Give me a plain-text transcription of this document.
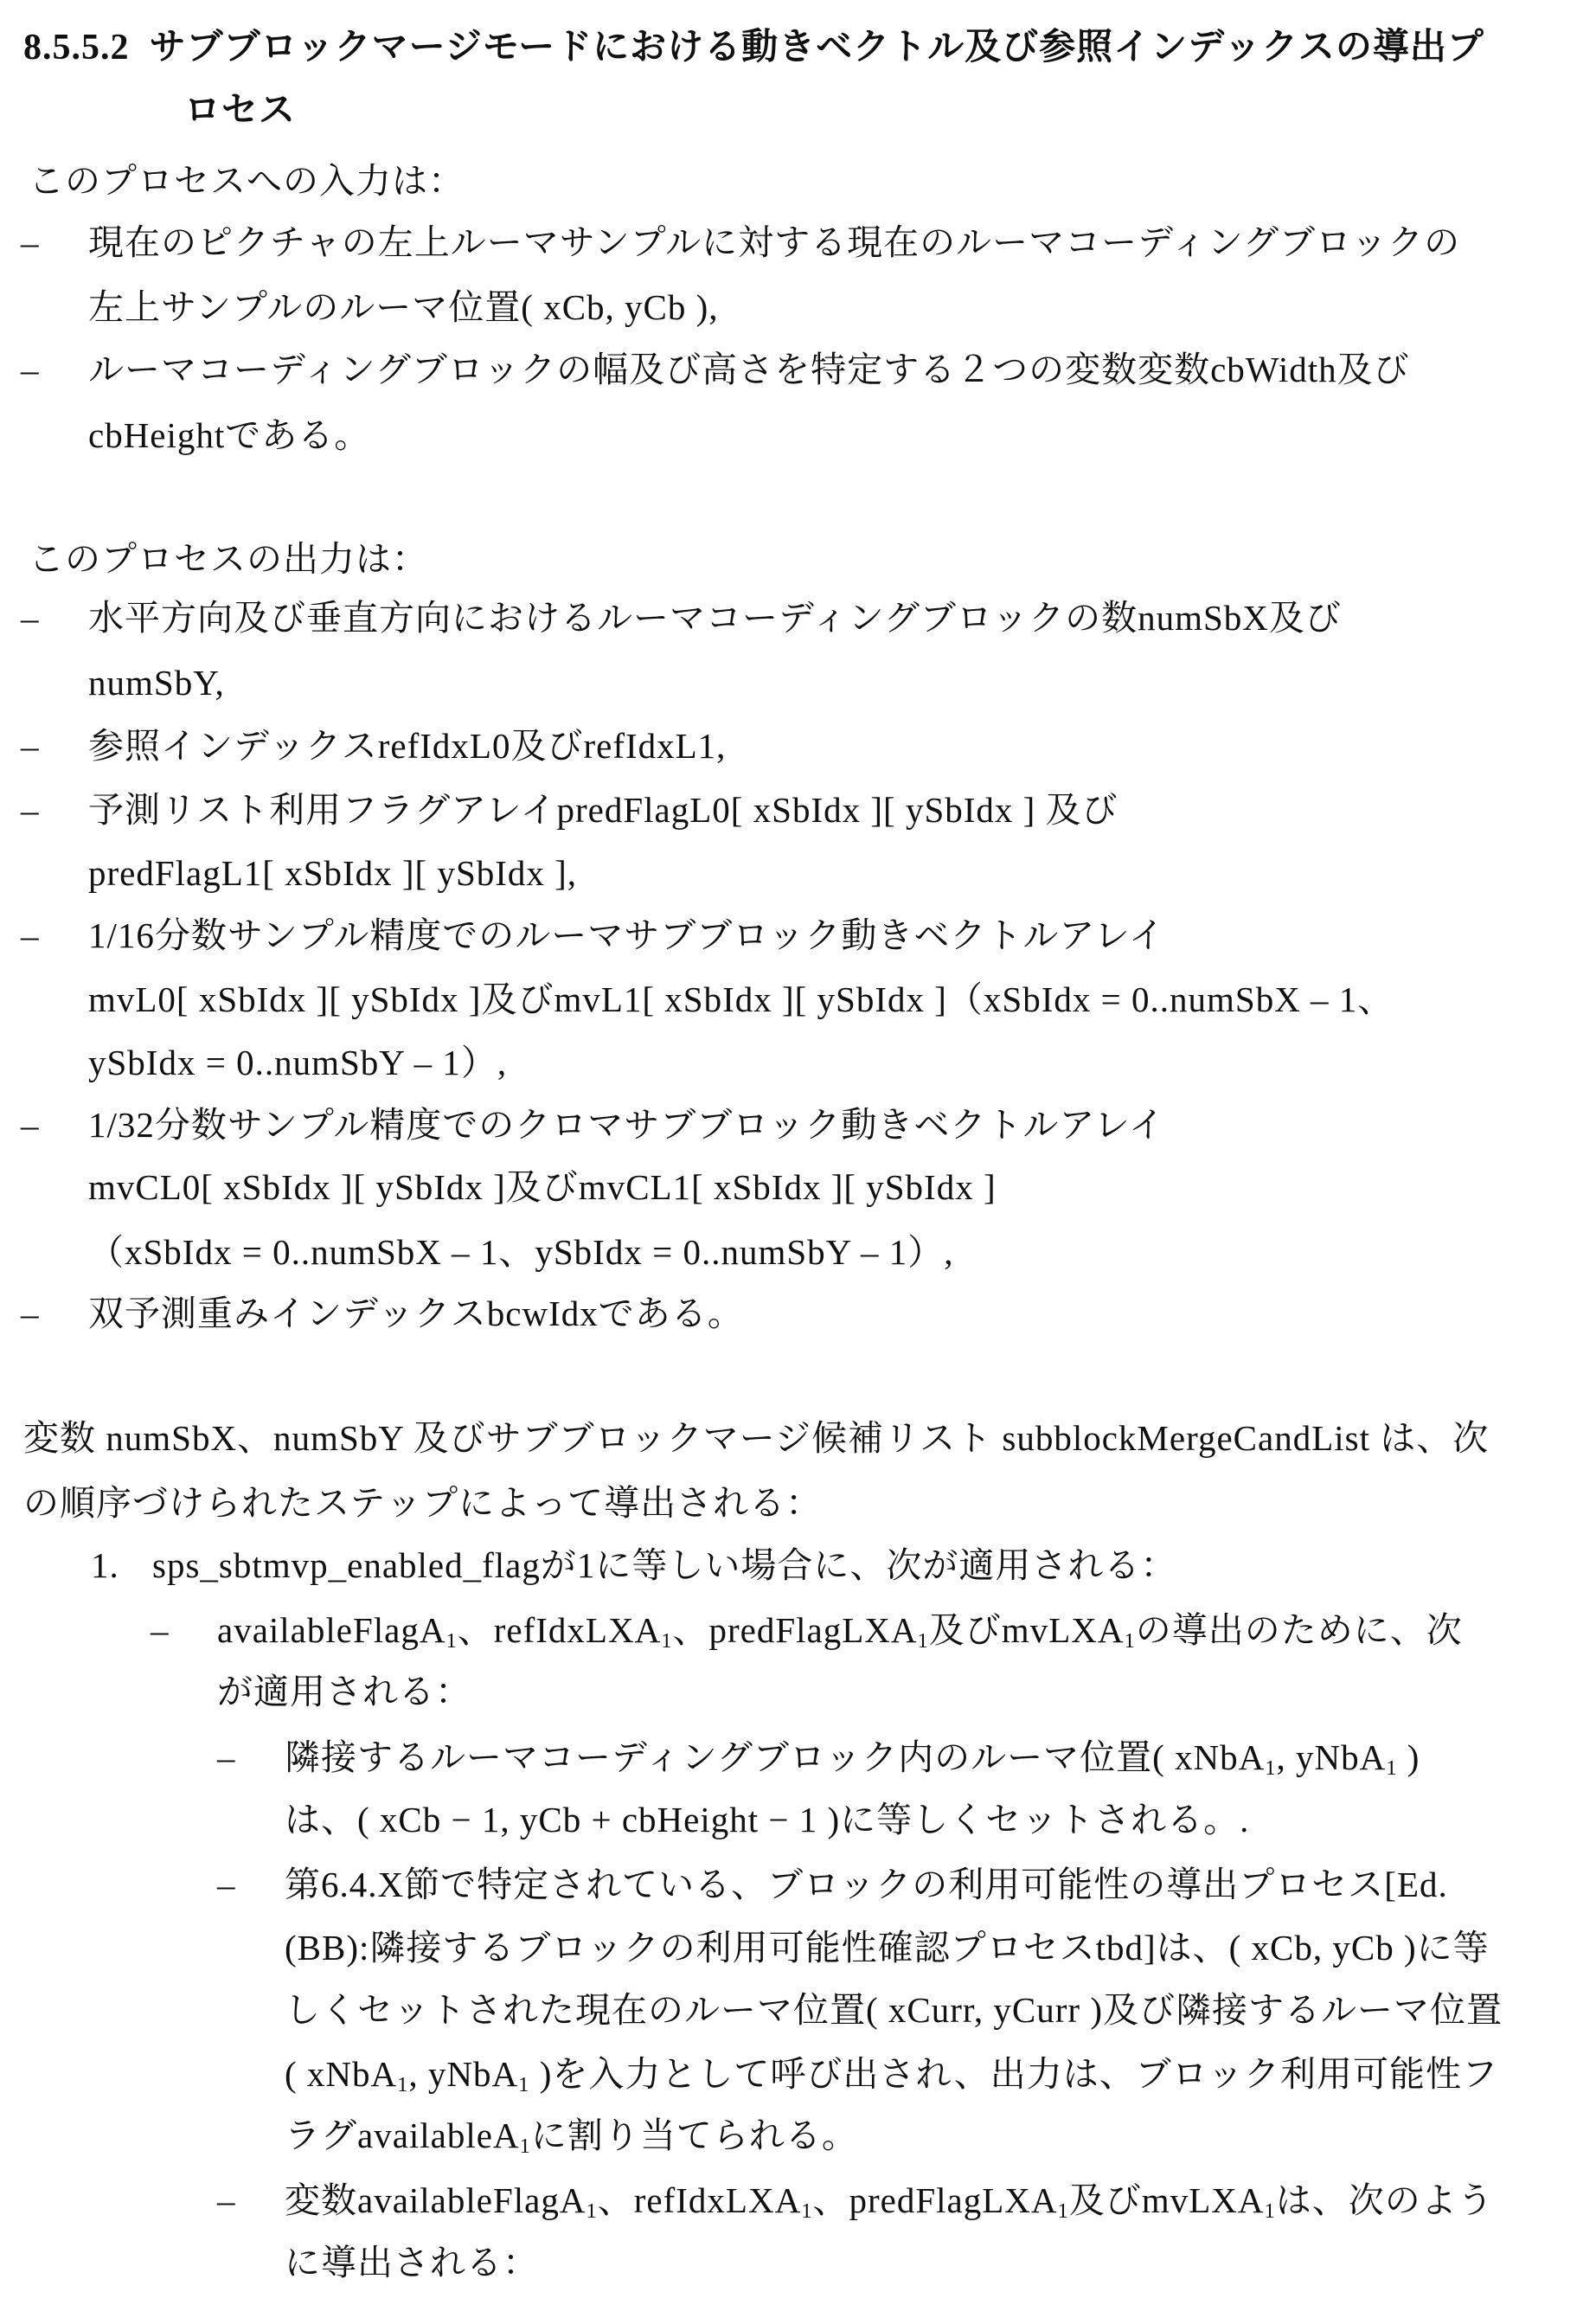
8.5.5.2 サブブロックマージモードにおける動きベクトル及び参照インデックスの導出プ
ロセス
このプロセスへの入力は：
– 現在のピクチャの左上ルーマサンプルに対する現在のルーマコーディングブロックの
左上サンプルのルーマ位置( xCb, yCb ),
– ルーマコーディングブロックの幅及び高さを特定する２つの変数変数cbWidth及び
cbHeightである。
このプロセスの出力は：
– 水平方向及び垂直方向におけるルーマコーディングブロックの数numSbX及び
numSbY,
– 参照インデックスrefIdxL0及びrefIdxL1,
– 予測リスト利用フラグアレイpredFlagL0[ xSbIdx ][ ySbIdx ] 及び
predFlagL1[ xSbIdx ][ ySbIdx ],
– 1/16分数サンプル精度でのルーマサブブロック動きベクトルアレイ
mvL0[ xSbIdx ][ ySbIdx ]及びmvL1[ xSbIdx ][ ySbIdx ]（xSbIdx = 0..numSbX – 1、
ySbIdx = 0..numSbY – 1）,
– 1/32分数サンプル精度でのクロマサブブロック動きベクトルアレイ
mvCL0[ xSbIdx ][ ySbIdx ]及びmvCL1[ xSbIdx ][ ySbIdx ]
（xSbIdx = 0..numSbX – 1、ySbIdx = 0..numSbY – 1）,
– 双予測重みインデックスbcwIdxである。
変数 numSbX、numSbY 及びサブブロックマージ候補リスト subblockMergeCandList は、次
の順序づけられたステップによって導出される：
1. sps_sbtmvp_enabled_flagが1に等しい場合に、次が適用される：
– availableFlagA$_1$、refIdxLXA$_1$、predFlagLXA$_1$及びmvLXA$_1$の導出のために、次
が適用される：
– 隣接するルーマコーディングブロック内のルーマ位置( xNbA$_1$, yNbA$_1$ )
は、( xCb − 1, yCb + cbHeight − 1 )に等しくセットされる。.
– 第6.4.X節で特定されている、ブロックの利用可能性の導出プロセス[Ed.
(BB):隣接するブロックの利用可能性確認プロセスtbd]は、( xCb, yCb )に等
しくセットされた現在のルーマ位置( xCurr, yCurr )及び隣接するルーマ位置
( xNbA$_1$, yNbA$_1$ )を入力として呼び出され、出力は、ブロック利用可能性フ
ラグavailableA$_1$に割り当てられる。
– 変数availableFlagA$_1$、refIdxLXA$_1$、predFlagLXA$_1$及びmvLXA$_1$は、次のよう
に導出される：
